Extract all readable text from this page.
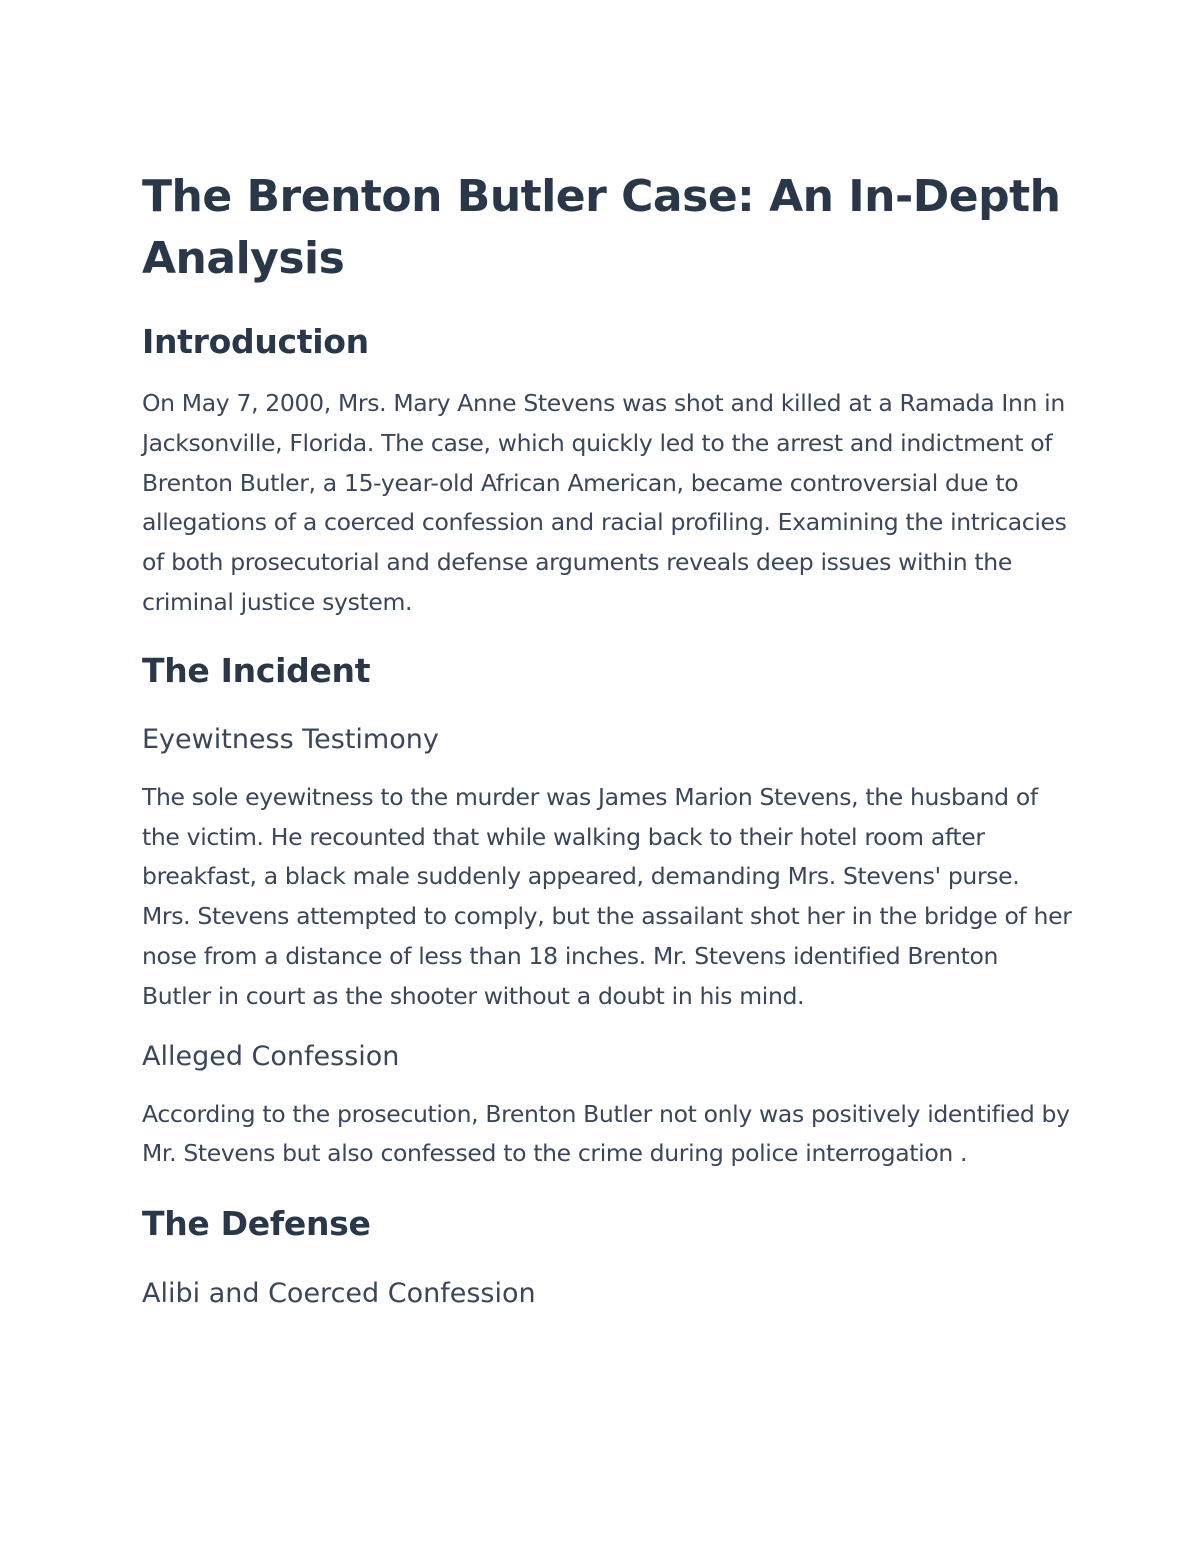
The Brenton Butler Case: An In-Depth Analysis
Introduction

On May 7, 2000, Mrs. Mary Anne Stevens was shot and killed at a Ramada Inn in Jacksonville, Florida. The case, which quickly led to the arrest and indictment of Brenton Butler, a 15-year-old African American, became controversial due to allegations of a coerced confession and racial profiling. Examining the intricacies of both prosecutorial and defense arguments reveals deep issues within the criminal justice system.

The Incident
Eyewitness Testimony

The sole eyewitness to the murder was James Marion Stevens, the husband of the victim. He recounted that while walking back to their hotel room after breakfast, a black male suddenly appeared, demanding Mrs. Stevens' purse. Mrs. Stevens attempted to comply, but the assailant shot her in the bridge of her nose from a distance of less than 18 inches. Mr. Stevens identified Brenton Butler in court as the shooter without a doubt in his mind.

Alleged Confession

According to the prosecution, Brenton Butler not only was positively identified by Mr. Stevens but also confessed to the crime during police interrogation .

The Defense
Alibi and Coerced Confession
